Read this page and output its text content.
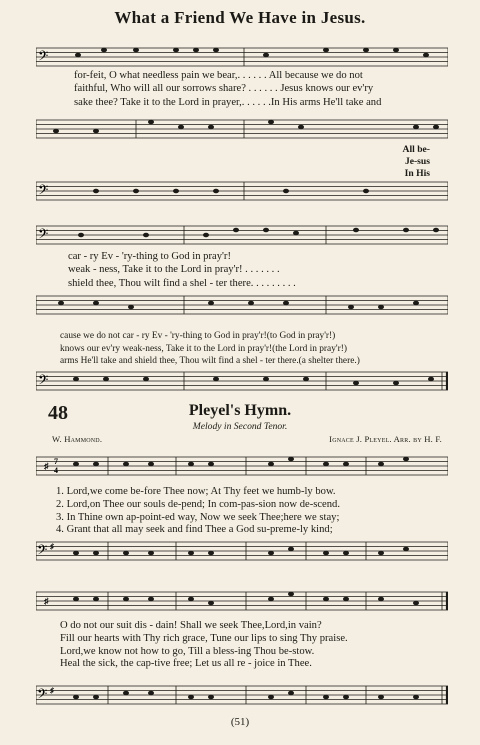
What a Friend We Have in Jesus.
𝄢
for-feit, O what needless pain we bear,. . . . . . All because we do not
faithful, Who will all our sorrows share? . . . . . . Jesus knows our ev'ry
sake thee? Take it to the Lord in prayer,. . . . . .In His arms He'll take and
All be-
Je-sus
In His
𝄢
𝄢
car - ry Ev - 'ry-thing to God in pray'r!
weak - ness, Take it to the Lord in pray'r! . . . . . . .
shield thee, Thou wilt find a shel - ter there. . . . . . . . .
cause we do not car - ry Ev - 'ry-thing to God in pray'r!(to God in pray'r!)
knows our ev'ry weak-ness, Take it to the Lord in pray'r!(the Lord in pray'r!)
arms He'll take and shield thee, Thou wilt find a shel - ter there.(a shelter there.)
𝄢
48	Pleyel's Hymn.
Melody in Second Tenor.
W. Hammond.	Ignace J. Pleyel. Arr. by H. F.
♯ 7
4
1. Lord,we come be-fore Thee now; At Thy feet we humb-ly bow.
2. Lord,on Thee our souls de-pend; In com-pas-sion now de-scend.
3. In Thine own ap-point-ed way, Now we seek Thee;here we stay;
4. Grant that all may seek and find Thee a God su-preme-ly kind;
𝄢 ♯
♯
O do not our suit dis - dain! Shall we seek Thee,Lord,in vain?
Fill our hearts with Thy rich grace, Tune our lips to sing Thy praise.
Lord,we know not how to go, Till a bless-ing Thou be-stow.
Heal the sick, the cap-tive free; Let us all re - joice in Thee.
𝄢 ♯
(51)
